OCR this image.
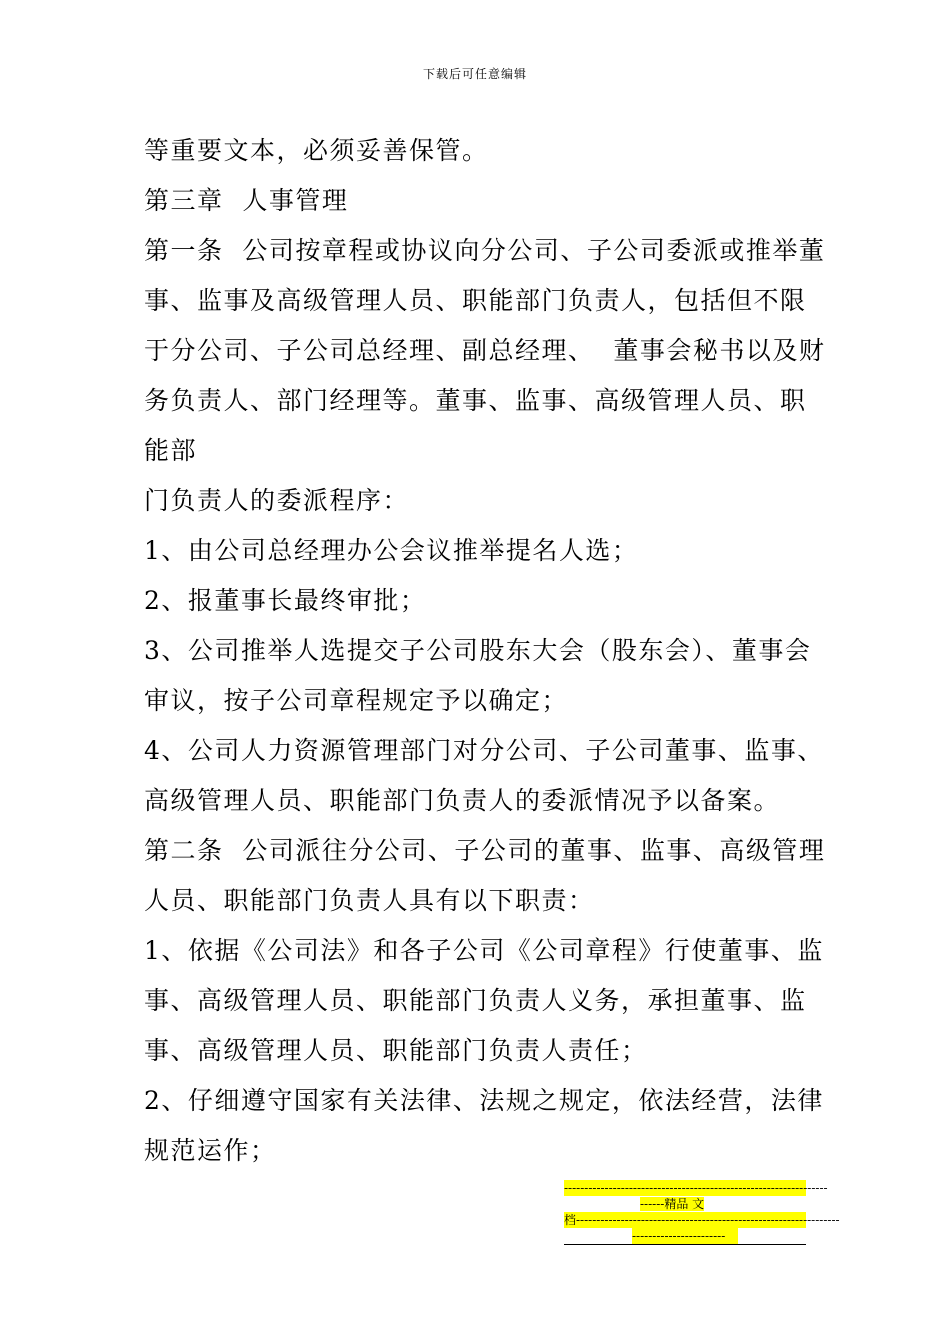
下载后可任意编辑
等重要文本，必须妥善保管。
第三章  人事管理
第一条  公司按章程或协议向分公司、子公司委派或推举董
事、监事及高级管理人员、职能部门负责人，包括但不限
于分公司、子公司总经理、副总经理、  董事会秘书以及财
务负责人、部门经理等。董事、监事、高级管理人员、职
能部
门负责人的委派程序：
1、由公司总经理办公会议推举提名人选；
2、报董事长最终审批；
3、公司推举人选提交子公司股东大会（股东会）、董事会
审议，按子公司章程规定予以确定；
4、公司人力资源管理部门对分公司、子公司董事、监事、
高级管理人员、职能部门负责人的委派情况予以备案。
第二条  公司派往分公司、子公司的董事、监事、高级管理
人员、职能部门负责人具有以下职责：
1、依据《公司法》和各子公司《公司章程》行使董事、监
事、高级管理人员、职能部门负责人义务，承担董事、监
事、高级管理人员、职能部门负责人责任；
2、仔细遵守国家有关法律、法规之规定，依法经营，法律
规范运作；
-----------------------------------------------------------------
------精品 文
档-----------------------------------------------------------------
-----------------------
